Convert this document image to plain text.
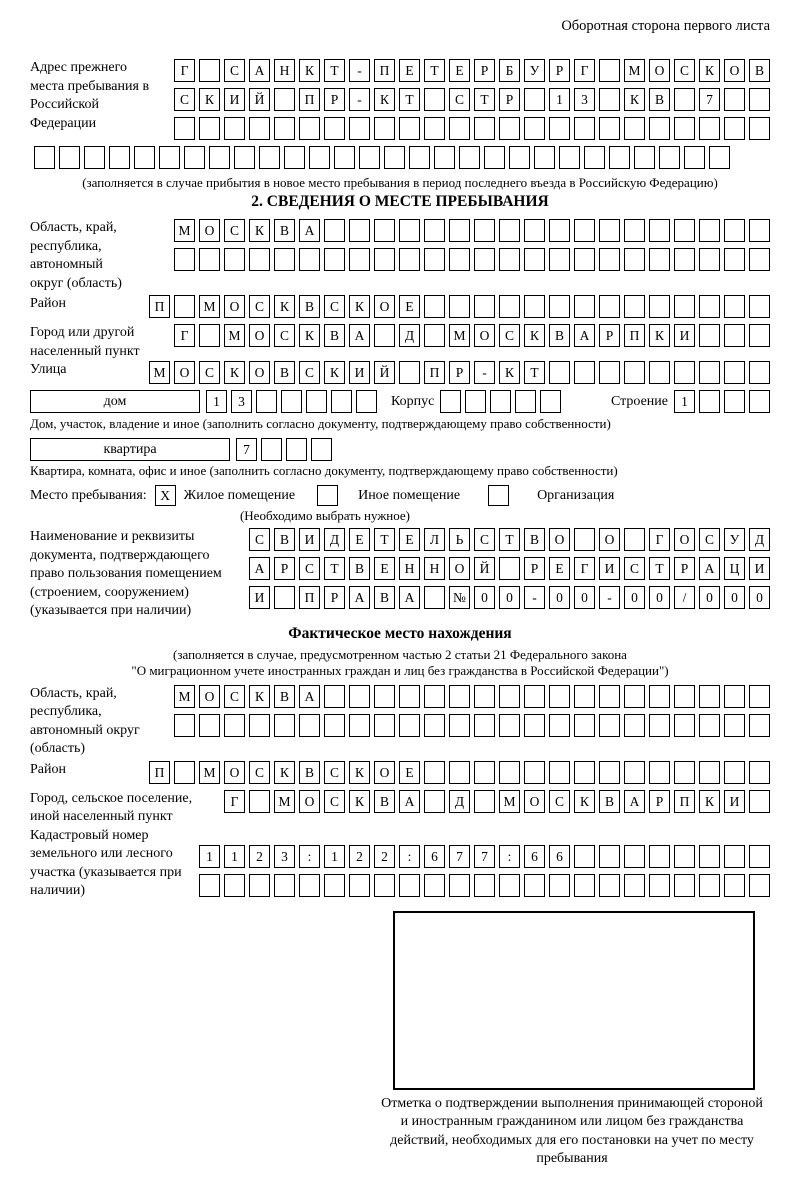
Оборотная сторона первого листа
Адрес прежнего места пребывания в Российской Федерации
Г	С	А	Н	К	Т	-	П	Е	Т	Е	Р	Б	У	Р	Г	М	О	С	К	О	В
С	К	И	Й	П	Р	-	К	Т	С	Т	Р	1	3	К	В	7
(заполняется в случае прибытия в новое место пребывания в период последнего въезда в Российскую Федерацию)
2. СВЕДЕНИЯ О МЕСТЕ ПРЕБЫВАНИЯ
Область, край, республика, автономный округ (область)
М	О	С	К	В	А
Район	П	М	О	С	К	В	С	К	О	Е
Город или другой населенный пункт
Г	М	О	С	К	В	А	Д	М	О	С	К	В	А	Р	П	К	И
Улица	М	О	С	К	О	В	С	К	И	Й	П	Р	-	К	Т
дом	1	3	Корпус	Строение 1
Дом, участок, владение и иное (заполнить согласно документу, подтверждающему право собственности)
квартира	7
Квартира, комната, офис и иное (заполнить согласно документу, подтверждающему право собственности)
Место пребывания:	X Жилое помещение	Иное помещение	Организация
(Необходимо выбрать нужное)
Наименование и реквизиты документа, подтверждающего право пользования помещением (строением, сооружением) (указывается при наличии)
С	В	И	Д	Е	Т	Е	Л	Ь	С	Т	В	О	О	Г	О	С	У	Д
А	Р	С	Т	В	Е	Н	Н	О	Й	Р	Е	Г	И	С	Т	Р	А	Ц	И
И	П	Р	А	В	А	№	0	0	-	0	0	-	0	0	/	0	0	0
Фактическое место нахождения
(заполняется в случае, предусмотренном частью 2 статьи 21 Федерального закона
"О миграционном учете иностранных граждан и лиц без гражданства в Российской Федерации")
Область, край, республика, автономный округ (область)
М	О	С	К	В	А
Район	П	М	О	С	К	В	С	К	О	Е
Город, сельское поселение, иной населенный пункт
Г	М	О	С	К	В	А	Д	М	О	С	К	В	А	Р	П	К	И
Кадастровый номер земельного или лесного участка (указывается при наличии)
1	1	2	3	:	1	2	2	:	6	7	7	:	6	6
Отметка о подтверждении выполнения принимающей стороной и иностранным гражданином или лицом без гражданства действий, необходимых для его постановки на учет по месту пребывания
